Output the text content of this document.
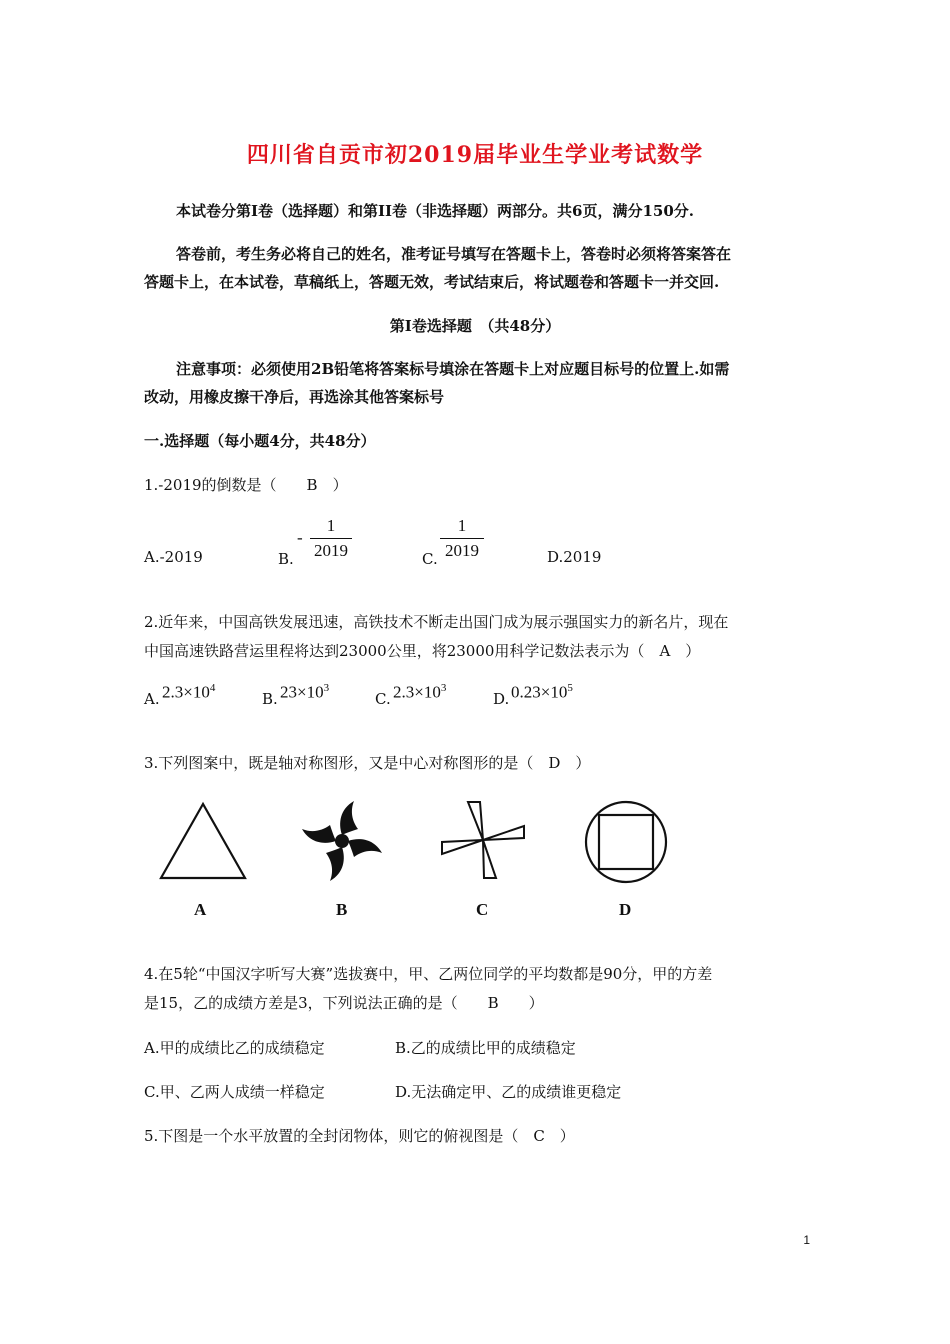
四川省自贡市初2019届毕业生学业考试数学
本试卷分第Ⅰ卷（选择题）和第II卷（非选择题）两部分。共6页，满分150分.
答卷前，考生务必将自己的姓名，准考证号填写在答题卡上，答卷时必须将答案答在
答题卡上，在本试卷，草稿纸上，答题无效，考试结束后，将试题卷和答题卡一并交回.
第Ⅰ卷选择题　（共48分）
注意事项：必须使用2B铅笔将答案标号填涂在答题卡上对应题目标号的位置上.如需
改动，用橡皮擦干净后，再选涂其他答案标号
一.选择题（每小题4分，共48分）
1.-2019的倒数是（　　B　）
A.-2019	B.
-
1
2019	C.
1
2019	D.2019
2.近年来，中国高铁发展迅速，高铁技术不断走出国门成为展示强国实力的新名片，现在
中国高速铁路营运里程将达到23000公里，将23000用科学记数法表示为（　A　）
A. $2.3\times 10^4$
B. $23\times 10^3$
C. $2.3\times 10^3$
D. $0.23\times 10^5$
3.下列图案中，既是轴对称图形，又是中心对称图形的是（　D　）
A	B	C	D
4.在5轮“中国汉字听写大赛”选拔赛中，甲、乙两位同学的平均数都是90分，甲的方差
是15，乙的成绩方差是3，下列说法正确的是（　　B　　）
A.甲的成绩比乙的成绩稳定	B.乙的成绩比甲的成绩稳定
C.甲、乙两人成绩一样稳定	D.无法确定甲、乙的成绩谁更稳定
5.下图是一个水平放置的全封闭物体，则它的俯视图是（　C　）
1
